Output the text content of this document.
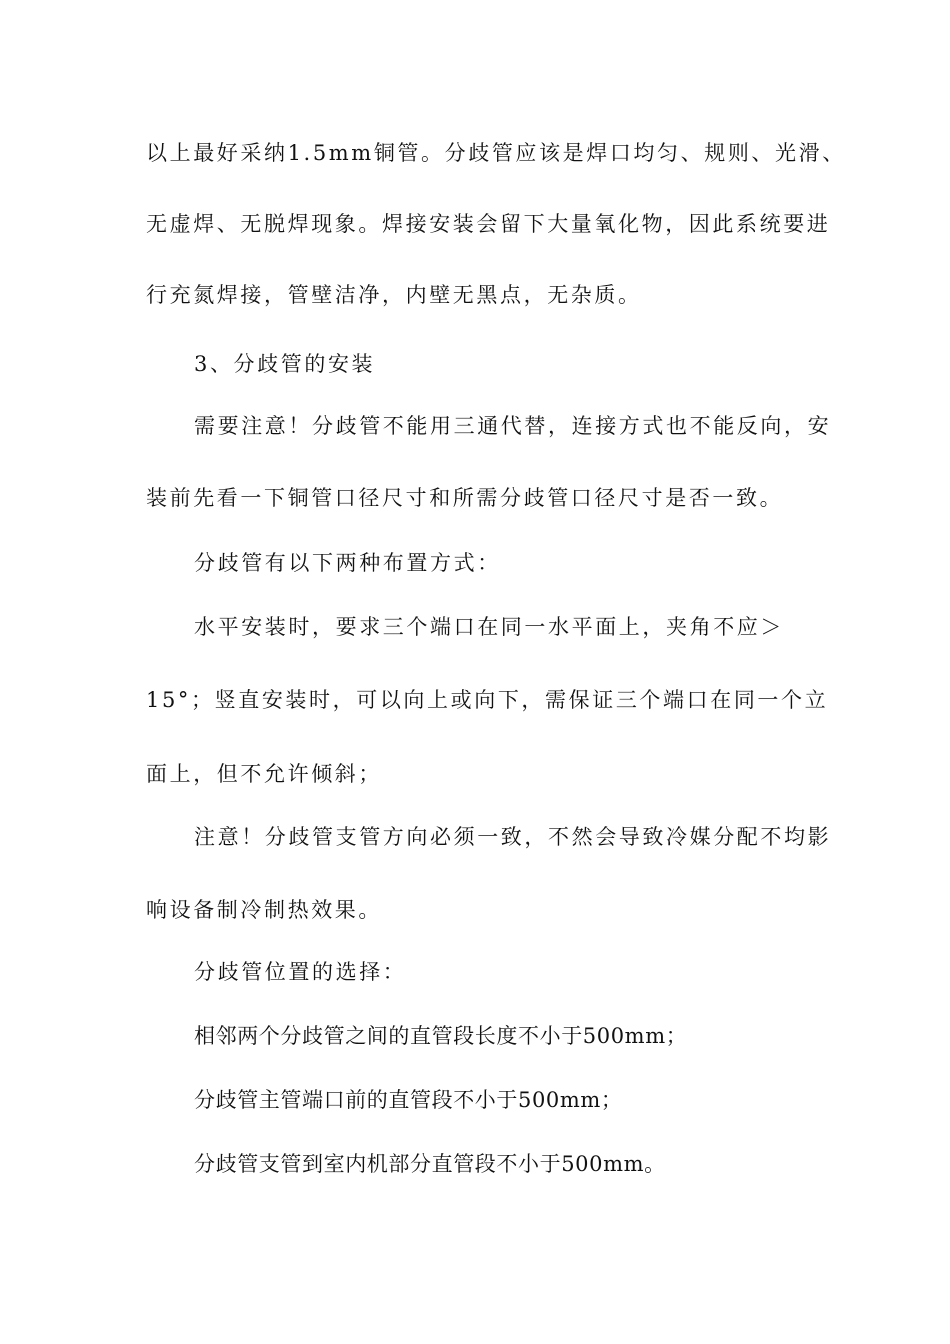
以上最好采纳1.5mm铜管。分歧管应该是焊口均匀、规则、光滑、
无虚焊、无脱焊现象。焊接安装会留下大量氧化物，因此系统要进
行充氮焊接，管壁洁净，内壁无黑点，无杂质。
3、分歧管的安装
需要注意！分歧管不能用三通代替，连接方式也不能反向，安
装前先看一下铜管口径尺寸和所需分歧管口径尺寸是否一致。
分歧管有以下两种布置方式：
水平安装时，要求三个端口在同一水平面上，夹角不应＞
15°；竖直安装时，可以向上或向下，需保证三个端口在同一个立
面上，但不允许倾斜；
注意！分歧管支管方向必须一致，不然会导致冷媒分配不均影
响设备制冷制热效果。
分歧管位置的选择：
相邻两个分歧管之间的直管段长度不小于500mm；
分歧管主管端口前的直管段不小于500mm；
分歧管支管到室内机部分直管段不小于500mm。
